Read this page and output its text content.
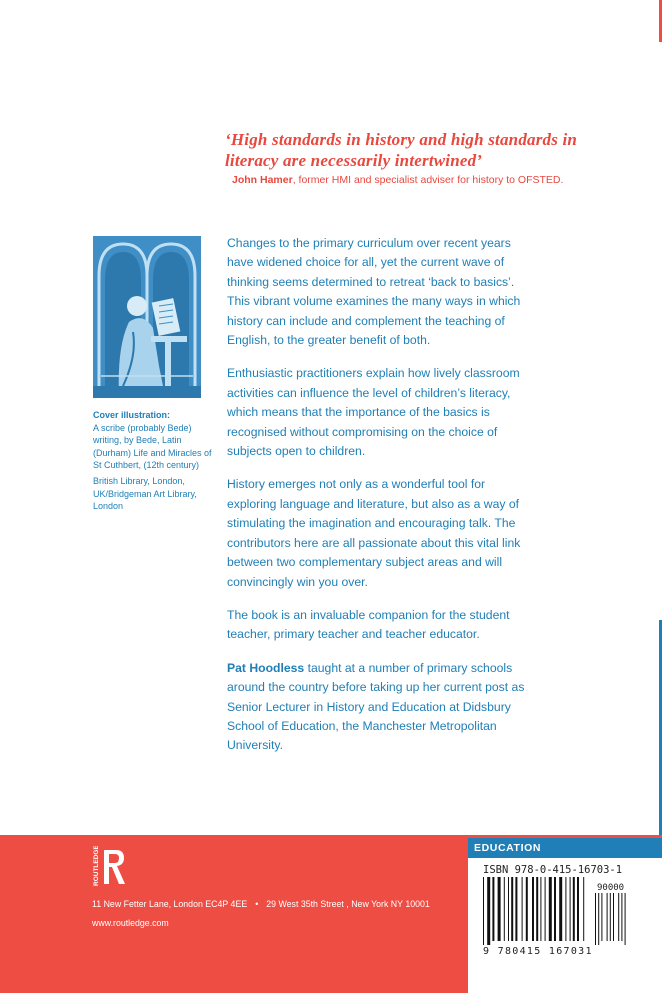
‘High standards in history and high standards in literacy are necessarily intertwined’
John Hamer, former HMI and specialist adviser for history to OFSTED.

Cover illustration:

A scribe (probably Bede) writing, by Bede, Latin (Durham) Life and Miracles of St Cuthbert, (12th century)

British Library, London, UK/Bridgeman Art Library, London

Changes to the primary curriculum over recent years have widened choice for all, yet the current wave of thinking seems determined to retreat ‘back to basics’. This vibrant volume examines the many ways in which history can include and complement the teaching of English, to the greater benefit of both.

Enthusiastic practitioners explain how lively classroom activities can influence the level of children’s literacy, which means that the importance of the basics is recognised without compromising on the choice of subjects open to children.

History emerges not only as a wonderful tool for exploring language and literature, but also as a way of stimulating the imagination and encouraging talk. The contributors here are all passionate about this vital link between two complementary subject areas and will convincingly win you over.

The book is an invaluable companion for the student teacher, primary teacher and teacher educator.

Pat Hoodless taught at a number of primary schools around the country before taking up her current post as Senior Lecturer in History and Education at Didsbury School of Education, the Manchester Metropolitan University.

ROUTLEDGE
11 New Fetter Lane, London EC4P 4EE • 29 West 35th Street , New York NY 10001
www.routledge.com
EDUCATION
ISBN 978-0-415-16703-1
90000
9 780415 167031
